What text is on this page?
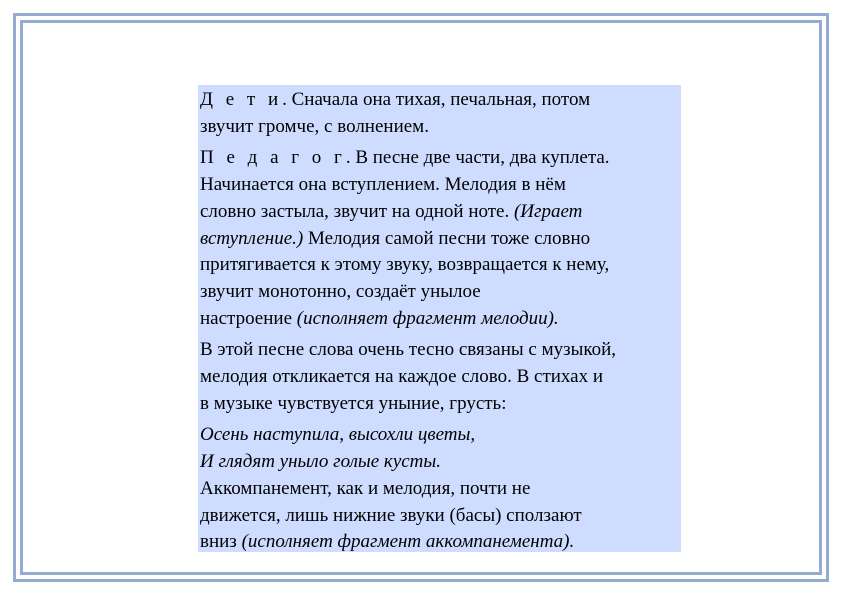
Д е т и. Сначала она тихая, печальная, потом
звучит громче, с волнением.

П е д а г о г. В песне две части, два куплета.
Начинается она вступлением. Мелодия в нём
словно застыла, звучит на одной ноте. (Играет
вступление.) Мелодия самой песни тоже словно
притягивается к этому звуку, возвращается к нему,
звучит монотонно, создаёт унылое
настроение (исполняет фрагмент мелодии).

В этой песне слова очень тесно связаны с музыкой,
мелодия откликается на каждое слово. В стихах и
в музыке чувствуется уныние, грусть:

Осень наступила, высохли цветы,
И глядят уныло голые кусты.
Аккомпанемент, как и мелодия, почти не
движется, лишь нижние звуки (басы) сползают
вниз (исполняет фрагмент аккомпанемента).
